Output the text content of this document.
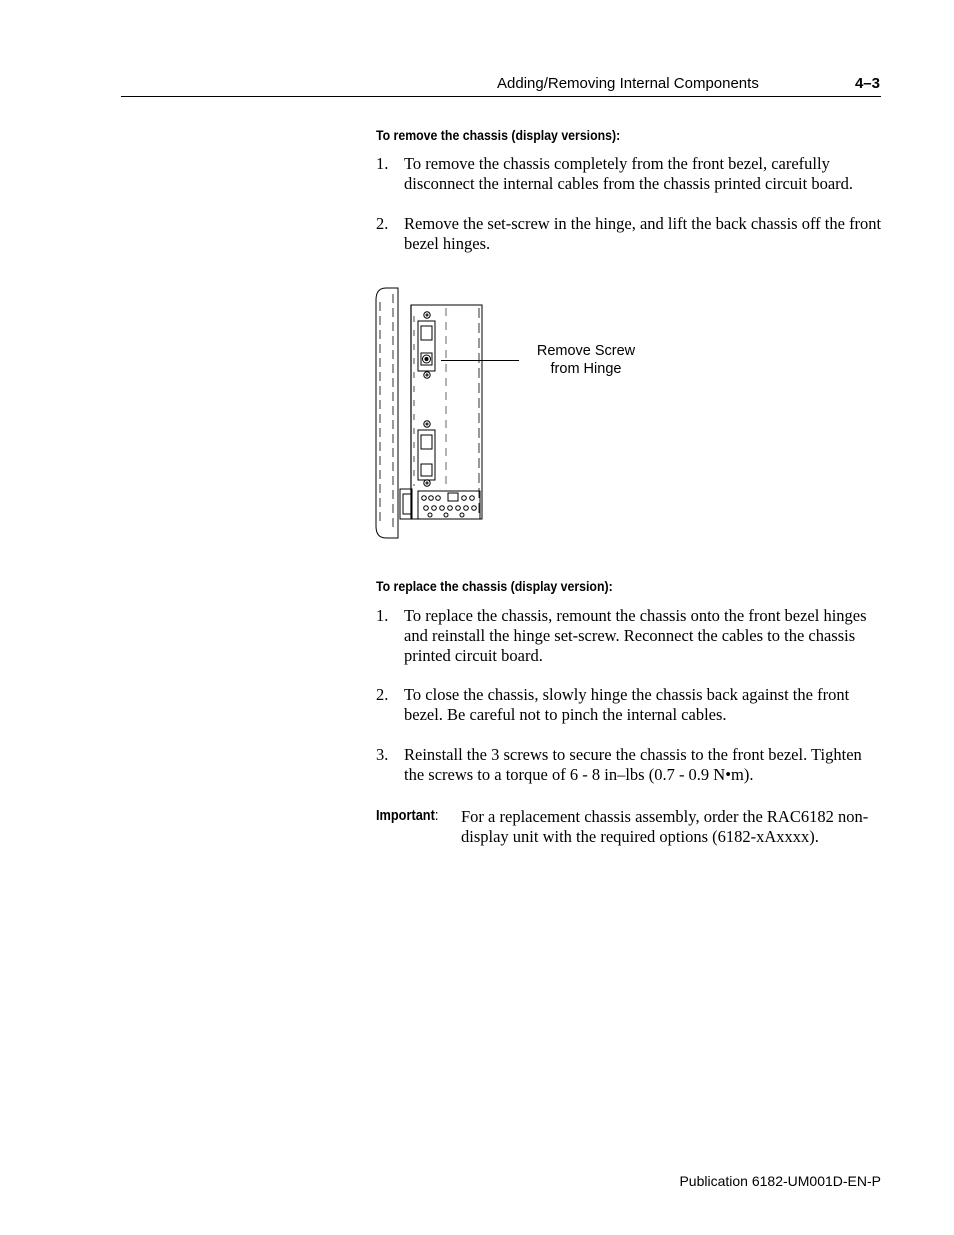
Adding/Removing Internal Components	4–3
To remove the chassis (display versions):
1. To remove the chassis completely from the front bezel, carefully disconnect the internal cables from the chassis printed circuit board.
2. Remove the set-screw in the hinge, and lift the back chassis off the front bezel hinges.
Remove Screw
from Hinge
To replace the chassis (display version):
1. To replace the chassis, remount the chassis onto the front bezel hinges and reinstall the hinge set-screw. Reconnect the cables to the chassis printed circuit board.
2. To close the chassis, slowly hinge the chassis back against the front bezel. Be careful not to pinch the internal cables.
3. Reinstall the 3 screws to secure the chassis to the front bezel. Tighten the screws to a torque of 6 - 8 in–lbs (0.7 - 0.9 N•m).
Important: For a replacement chassis assembly, order the RAC6182 non-display unit with the required options (6182-xAxxxx).
Publication 6182-UM001D-EN-P
